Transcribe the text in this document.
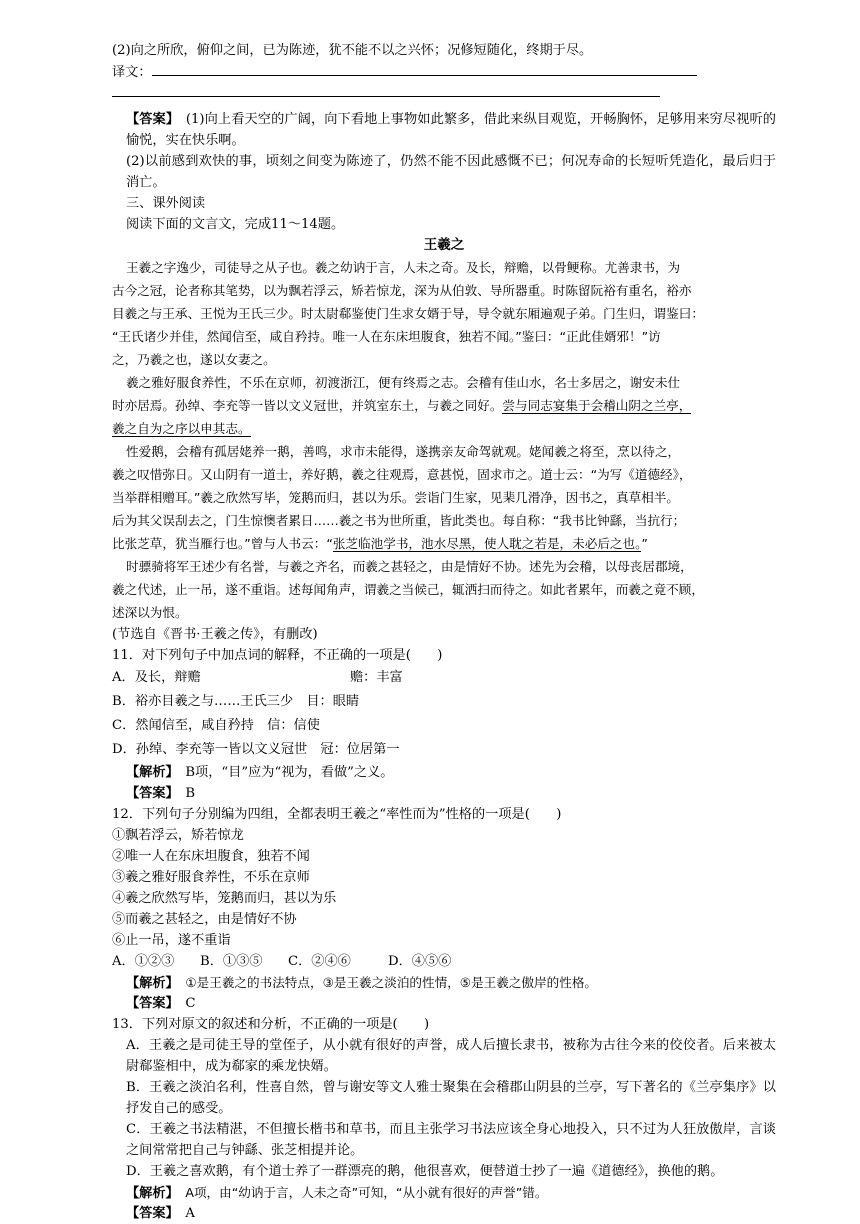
(2)向之所欣，俯仰之间，已为陈迹，犹不能不以之兴怀；况修短随化，终期于尽。
译文：
【答案】　 (1)向上看天空的广阔，向下看地上事物如此繁多，借此来纵目观览，开畅胸怀，足够用来穷尽视听的愉悦，实在快乐啊。
(2)以前感到欢快的事，顷刻之间变为陈迹了，仍然不能不因此感慨不已；何况寿命的长短听凭造化，最后归于消亡。
三、课外阅读
阅读下面的文言文，完成11～14题。
王羲之
王羲之字逸少，司徒导之从子也。羲之幼讷于言，人未之奇。及长，辩赡，以骨鲠称。尤善隶书，为
古今之冠，论者称其笔势，以为飘若浮云，矫若惊龙，深为从伯敦、导所器重。时陈留阮裕有重名，裕亦
目羲之与王承、王悦为王氏三少。时太尉郗鉴使门生求女婿于导，导令就东厢遍观子弟。门生归，谓鉴曰：
“王氏诸少并佳，然闻信至，咸自矜持。唯一人在东床坦腹食，独若不闻。”鉴曰：“正此佳婿邪！”访
之，乃羲之也，遂以女妻之。
羲之雅好服食养性，不乐在京师，初渡浙江，便有终焉之志。会稽有佳山水，名士多居之，谢安未仕
时亦居焉。孙绰、李充等一皆以文义冠世，并筑室东土，与羲之同好。尝与同志宴集于会稽山阴之兰亭，
羲之自为之序以申其志。
性爱鹅，会稽有孤居姥养一鹅，善鸣，求市未能得，遂携亲友命驾就观。姥闻羲之将至，烹以待之，
羲之叹惜弥日。又山阴有一道士，养好鹅，羲之往观焉，意甚悦，固求市之。道士云：“为写《道德经》，
当举群相赠耳。”羲之欣然写毕，笼鹅而归，甚以为乐。尝诣门生家，见棐几滑净，因书之，真草相半。
后为其父误刮去之，门生惊懊者累日……羲之书为世所重，皆此类也。每自称：“我书比钟繇，当抗行；
比张芝草，犹当雁行也。”曾与人书云：“张芝临池学书，池水尽黑，使人耽之若是，未必后之也。”
时骠骑将军王述少有名誉，与羲之齐名，而羲之甚轻之，由是情好不协。述先为会稽，以母丧居郡境，
羲之代述，止一吊，遂不重诣。述每闻角声，谓羲之当候己，辄洒扫而待之。如此者累年，而羲之竟不顾，
述深以为恨。
(节选自《晋书·王羲之传》，有删改)
11．对下列句子中加点词的解释，不正确的一项是(　　)
A．及长，辩赡	赡：丰富
B．裕亦目羲之与……王氏三少　目：眼睛
C．然闻信至，咸自矜持　信：信使
D．孙绰、李充等一皆以文义冠世　冠：位居第一
【解析】　 B项，“目”应为“视为，看做”之义。
【答案】　 B
12．下列句子分别编为四组，全都表明王羲之“率性而为”性格的一项是(　　)
①飘若浮云，矫若惊龙
②唯一人在东床坦腹食，独若不闻
③羲之雅好服食养性，不乐在京师
④羲之欣然写毕，笼鹅而归，甚以为乐
⑤而羲之甚轻之，由是情好不协
⑥止一吊，遂不重诣
A．①②③ B．①③⑤ C．②④⑥	D．④⑤⑥
【解析】　 ①是王羲之的书法特点，③是王羲之淡泊的性情，⑤是王羲之傲岸的性格。
【答案】　 C
13．下列对原文的叙述和分析，不正确的一项是(　　)
A．王羲之是司徒王导的堂侄子，从小就有很好的声誉，成人后擅长隶书，被称为古往今来的佼佼者。后来被太尉郗鉴相中，成为郗家的乘龙快婿。
B．王羲之淡泊名利，性喜自然，曾与谢安等文人雅士聚集在会稽郡山阴县的兰亭，写下著名的《兰亭集序》以抒发自己的感受。
C．王羲之书法精湛，不但擅长楷书和草书，而且主张学习书法应该全身心地投入，只不过为人狂放傲岸，言谈之间常常把自己与钟繇、张芝相提并论。
D．王羲之喜欢鹅，有个道士养了一群漂亮的鹅，他很喜欢，便替道士抄了一遍《道德经》，换他的鹅。
【解析】　 A项，由“幼讷于言，人未之奇”可知，“从小就有很好的声誉”错。
【答案】　 A
